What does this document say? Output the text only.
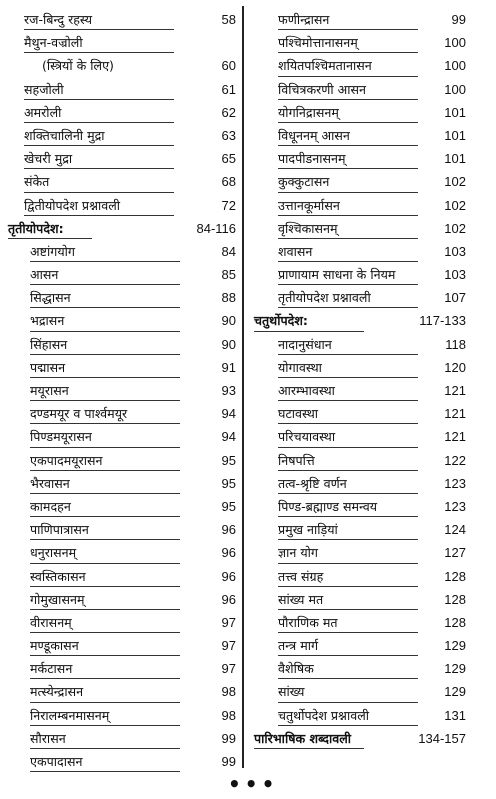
रज-बिन्दु रहस्य	58
मैथुन-वज्रोली
(स्त्रियों के लिए)	60
सहजोली	61
अमरोली	62
शक्तिचालिनी मुद्रा	63
खेचरी मुद्रा	65
संकेत	68
द्वितीयोपदेश प्रश्नावली	72
तृतीयोपदेश:	84-116
अष्टांगयोग	84
आसन	85
सिद्धासन	88
भद्रासन	90
सिंहासन	90
पद्मासन	91
मयूरासन	93
दण्डमयूर व पार्श्वमयूर	94
पिण्डमयूरासन	94
एकपादमयूरासन	95
भैरवासन	95
कामदहन	95
पाणिपात्रासन	96
धनुरासनम्	96
स्वस्तिकासन	96
गोमुखासनम्	96
वीरासनम्	97
मण्डूकासन	97
मर्कटासन	97
मत्स्येन्द्रासन	98
निरालम्बनमासनम्	98
सौरासन	99
एकपादासन	99
फणीन्द्रासन	99
पश्चिमोत्तानासनम्	100
शयितपश्चिमतानासन	100
विचित्रकरणी आसन	100
योगनिद्रासनम्	101
विधूननम् आसन	101
पादपीडनासनम्	101
कुक्कुटासन	102
उत्तानकूर्मासन	102
वृश्चिकासनम्	102
शवासन	103
प्राणायाम साधना के नियम	103
तृतीयोपदेश प्रश्नावली	107
चतुर्थोपदेश:	117-133
नादानुसंधान	118
योगावस्था	120
आरम्भावस्था	121
घटावस्था	121
परिचयावस्था	121
निषपत्ति	122
तत्व-श्रृष्टि वर्णन	123
पिण्ड-ब्रह्माण्ड समन्वय	123
प्रमुख नाड़ियां	124
ज्ञान योग	127
तत्त्व संग्रह	128
सांख्य मत	128
पौराणिक मत	128
तन्त्र मार्ग	129
वैशेषिक	129
सांख्य	129
चतुर्थोपदेश प्रश्नावली	131
पारिभाषिक शब्दावली	134-157
•••
